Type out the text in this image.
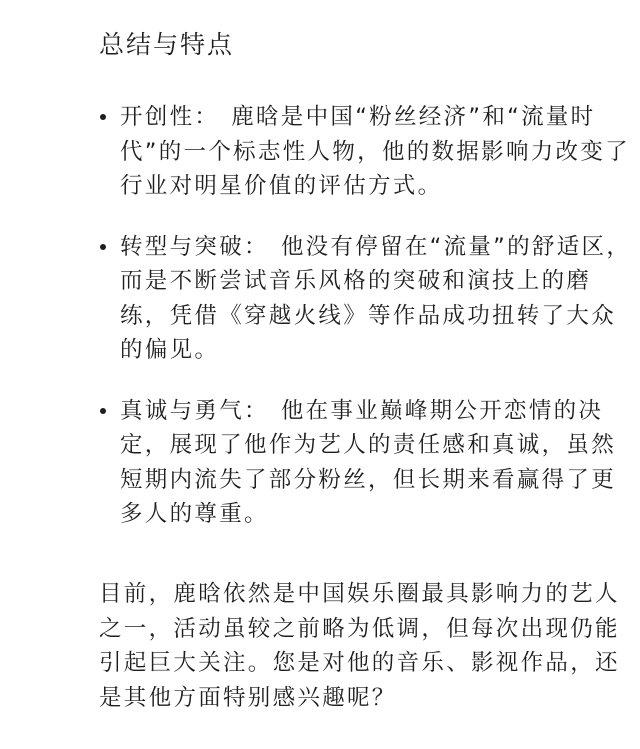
总结与特点
开创性： 鹿晗是中国“粉丝经济”和“流量时代”的一个标志性人物，他的数据影响力改变了行业对明星价值的评估方式。
转型与突破： 他没有停留在“流量”的舒适区，而是不断尝试音乐风格的突破和演技上的磨练，凭借《穿越火线》等作品成功扭转了大众的偏见。
真诚与勇气： 他在事业巅峰期公开恋情的决定，展现了他作为艺人的责任感和真诚，虽然短期内流失了部分粉丝，但长期来看赢得了更多人的尊重。

目前，鹿晗依然是中国娱乐圈最具影响力的艺人之一，活动虽较之前略为低调，但每次出现仍能引起巨大关注。您是对他的音乐、影视作品，还是其他方面特别感兴趣呢？
